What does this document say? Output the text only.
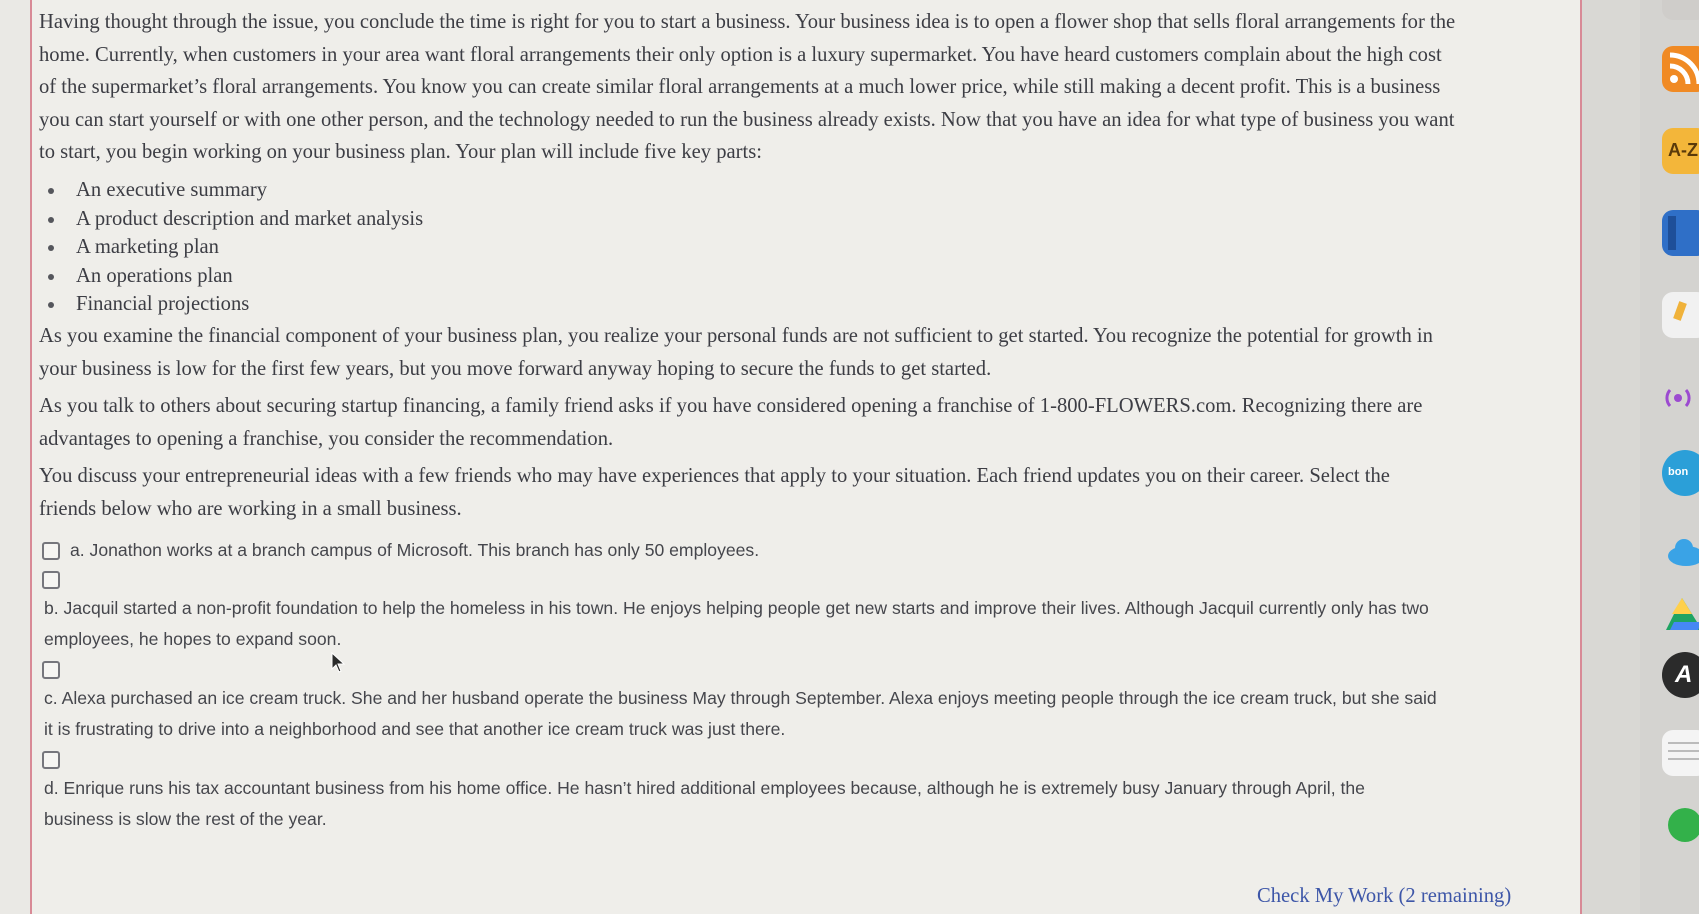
Having thought through the issue, you conclude the time is right for you to start a business. Your business idea is to open a flower shop that sells floral arrangements for the home. Currently, when customers in your area want floral arrangements their only option is a luxury supermarket. You have heard customers complain about the high cost of the supermarket’s floral arrangements. You know you can create similar floral arrangements at a much lower price, while still making a decent profit. This is a business you can start yourself or with one other person, and the technology needed to run the business already exists. Now that you have an idea for what type of business you want to start, you begin working on your business plan. Your plan will include five key parts:

An executive summary
A product description and market analysis
A marketing plan
An operations plan
Financial projections

As you examine the financial component of your business plan, you realize your personal funds are not sufficient to get started. You recognize the potential for growth in your business is low for the first few years, but you move forward anyway hoping to secure the funds to get started.

As you talk to others about securing startup financing, a family friend asks if you have considered opening a franchise of 1-800-FLOWERS.com. Recognizing there are advantages to opening a franchise, you consider the recommendation.

You discuss your entrepreneurial ideas with a few friends who may have experiences that apply to your situation. Each friend updates you on their career. Select the friends below who are working in a small business.

a. Jonathon works at a branch campus of Microsoft. This branch has only 50 employees.
b. Jacquil started a non-profit foundation to help the homeless in his town. He enjoys helping people get new starts and improve their lives. Although Jacquil currently only has two employees, he hopes to expand soon.
c. Alexa purchased an ice cream truck. She and her husband operate the business May through September. Alexa enjoys meeting people through the ice cream truck, but she said it is frustrating to drive into a neighborhood and see that another ice cream truck was just there.
d. Enrique runs his tax accountant business from his home office. He hasn’t hired additional employees because, although he is extremely busy January through April, the business is slow the rest of the year.
Check My Work (2 remaining)
A-Z
bon
A
